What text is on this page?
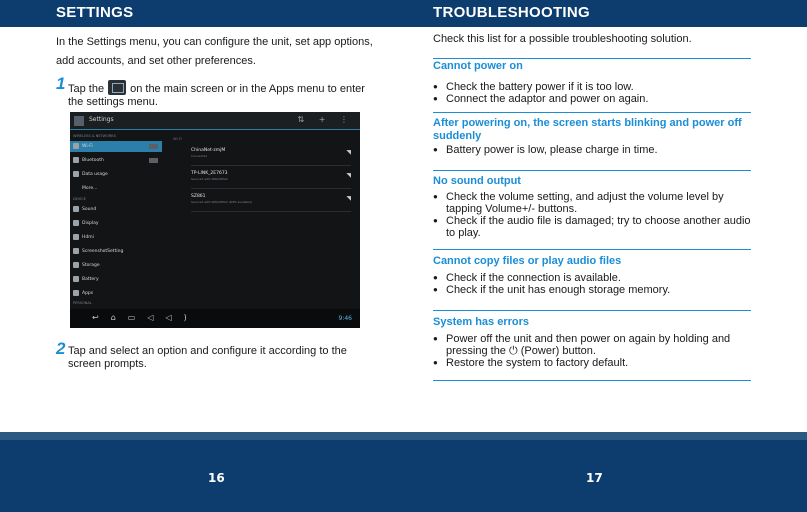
SETTINGS	TROUBLESHOOTING
In the Settings menu, you can configure the unit, set app options, add accounts, and set other preferences.
1 Tap the on the main screen or in the Apps menu to enter the settings menu.
Settings	⇅ + ⋮
WIRELESS & NETWORKS
Wi-Fi
Bluetooth
Data usage
More...
DEVICE
Sound
Display
Hdmi
ScreenshotSetting
Storage
Battery
Apps
PERSONAL
WI-FI
ChinaNet-zmjM
Connected	◥
TP-LINK_2E7673
Secured with WPA/WPA2	◥
SZ861
Secured with WPA/WPA2 (WPS available)	◥
↩⌂▭◁◁)	9:46
2 Tap and select an option and configure it according to the screen prompts.
Check this list for a possible troubleshooting solution.
Cannot power on
● Check the battery power if it is too low.
● Connect the adaptor and power on again.
After powering on, the screen starts blinking and power off suddenly
● Battery power is low, please charge in time.
No sound output
● Check the volume setting, and adjust the volume level by tapping Volume+/- buttons.
● Check if the audio file is damaged; try to choose another audio to play.
Cannot copy files or play audio files
● Check if the connection is available.
● Check if the unit has enough storage memory.
System has errors
● Power off the unit and then power on again by holding and pressing the ⏻ (Power) button.
● Restore the system to factory default.
16	17
